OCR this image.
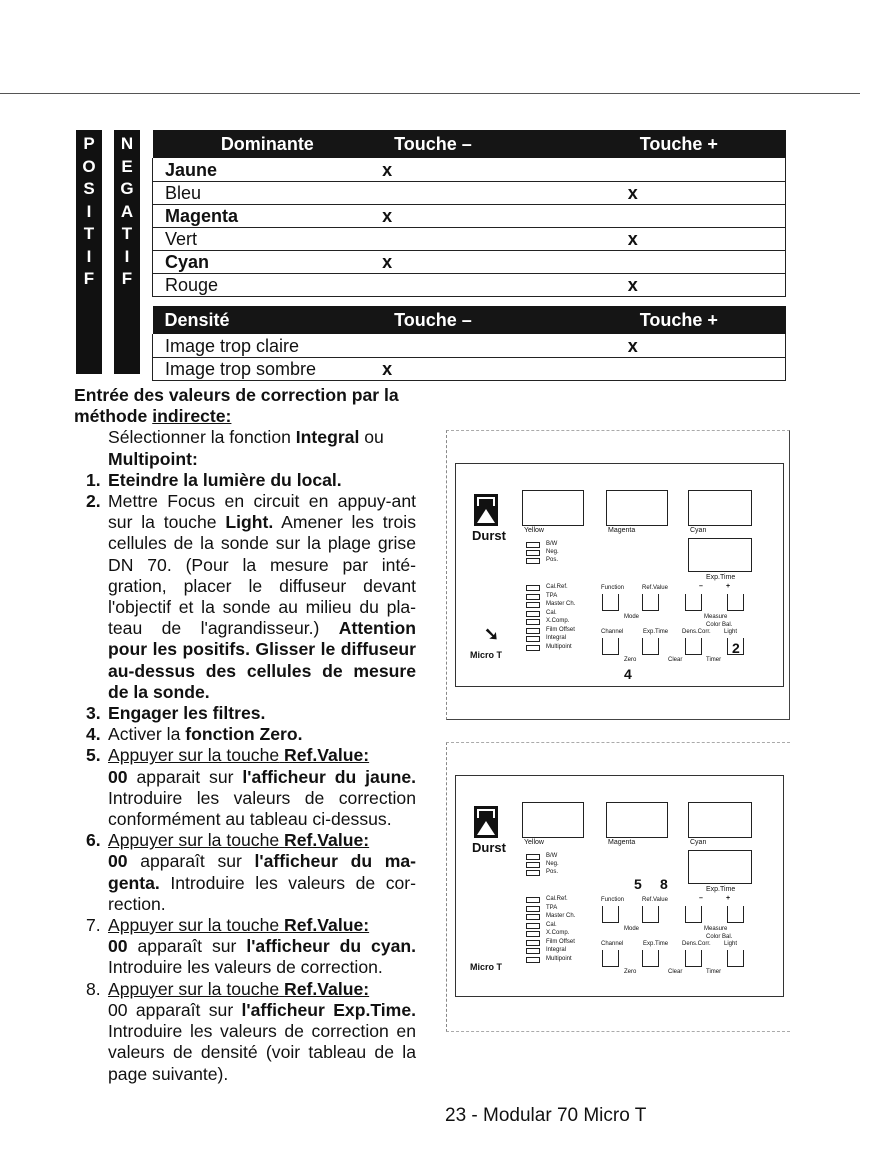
P
O
S
I
T
I
F
N
E
G
A
T
I
F
Dominante	Touche –	Touche +
Jaune	x	
Bleu		x
Magenta	x	
Vert		x
Cyan	x	
Rouge		x
Densité	Touche –	Touche +
Image trop claire		x
Image trop sombre	x	

Entrée des valeurs de correction par la méthode indirecte:

Sélectionner la fonction Integral ou Multipoint:

1. Eteindre la lumière du local.
2. Mettre Focus en circuit en appuy-ant sur la touche Light. Amener les trois cellules de la sonde sur la plage grise DN 70. (Pour la mesure par inté-gration, placer le diffuseur devant l'objectif et la sonde au milieu du pla-teau de l'agrandisseur.) Attention pour les positifs. Glisser le diffuseur au-dessus des cellules de mesure de la sonde.
3. Engager les filtres.
4. Activer la fonction Zero.
5. Appuyer sur la touche Ref.Value:
00 apparait sur l'afficheur du jaune. Introduire les valeurs de correction conformément au tableau ci-dessus.
6. Appuyer sur la touche Ref.Value:
00 apparaît sur l'afficheur du ma-genta. Introduire les valeurs de cor-rection.
7. Appuyer sur la touche Ref.Value:
00 apparaît sur l'afficheur du cyan. Introduire les valeurs de correction.
8. Appuyer sur la touche Ref.Value:
00 apparaît sur l'afficheur Exp.Time. Introduire les valeurs de correction en valeurs de densité (voir tableau de la page suivante).
Durst
Micro T
Yellow	Magenta	Cyan
Exp.Time
B/W
Neg.
Pos.
Cal.Ref.
TPA
Master Ch.
Cal.
X.Comp.
Film Offset
Integral
Multipoint
Function	Ref.Value	–	+
Mode	Measure
Color Bal.
Channel	Exp.Time Dens.Corr. Light
Zero	Clear	Timer
2
4
➘
Durst
Micro T
Yellow	Magenta	Cyan
Exp.Time
B/W
Neg.
Pos.
Cal.Ref.
TPA
Master Ch.
Cal.
X.Comp.
Film Offset
Integral
Multipoint
Function	Ref.Value	–	+
Mode	Measure
Color Bal.
Channel	Exp.Time Dens.Corr. Light
Zero	Clear	Timer
5 8
23 - Modular 70 Micro T
